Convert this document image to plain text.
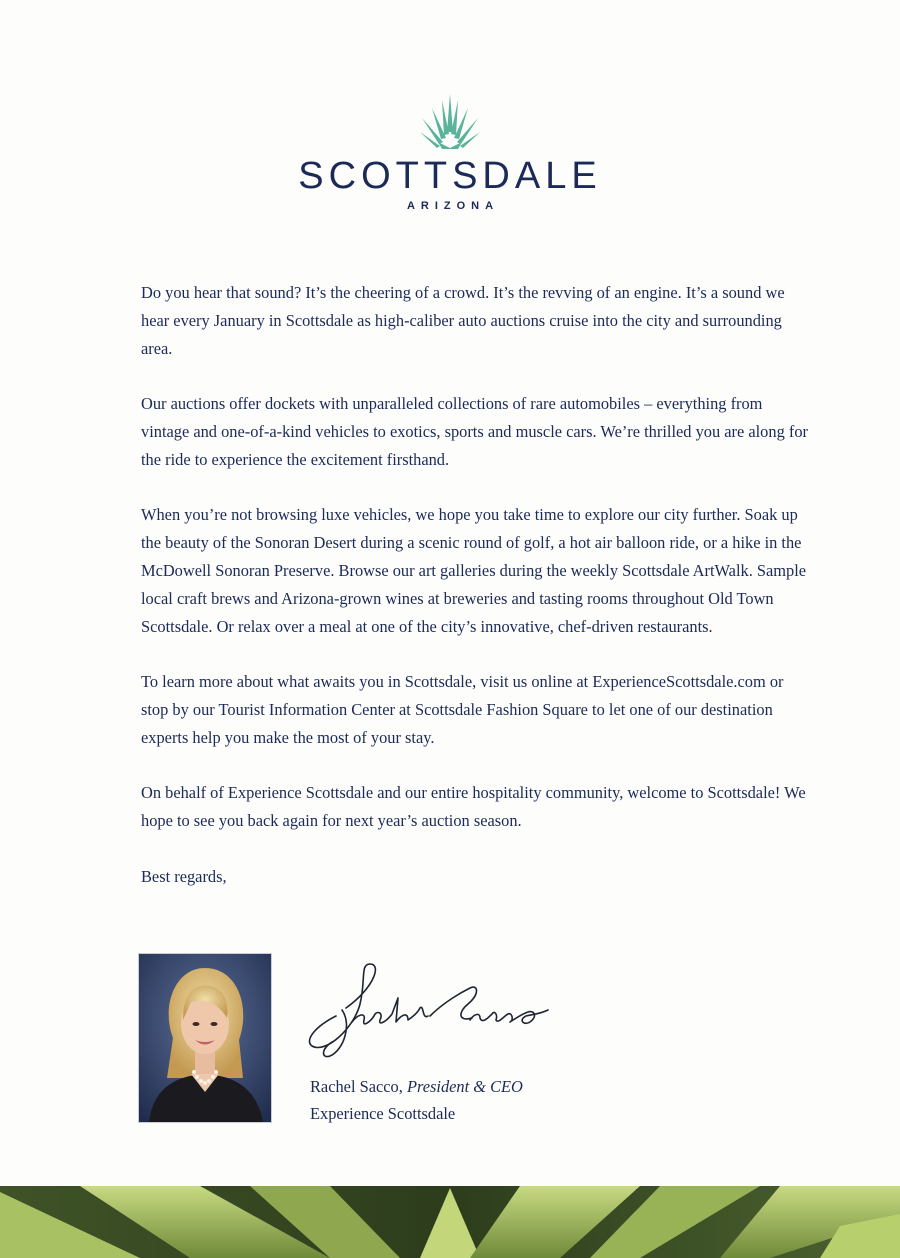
SCOTTSDALE
ARIZONA

Do you hear that sound? It’s the cheering of a crowd. It’s the revving of an engine. It’s a sound we hear every January in Scottsdale as high-caliber auto auctions cruise into the city and surrounding area.

Our auctions offer dockets with unparalleled collections of rare automobiles – everything from vintage and one-of-a-kind vehicles to exotics, sports and muscle cars. We’re thrilled you are along for the ride to experience the excitement firsthand.

When you’re not browsing luxe vehicles, we hope you take time to explore our city further. Soak up the beauty of the Sonoran Desert during a scenic round of golf, a hot air balloon ride, or a hike in the McDowell Sonoran Preserve. Browse our art galleries during the weekly Scottsdale ArtWalk. Sample local craft brews and Arizona-grown wines at breweries and tasting rooms throughout Old Town Scottsdale. Or relax over a meal at one of the city’s innovative, chef-driven restaurants.

To learn more about what awaits you in Scottsdale, visit us online at ExperienceScottsdale.com or stop by our Tourist Information Center at Scottsdale Fashion Square to let one of our destination experts help you make the most of your stay.

On behalf of Experience Scottsdale and our entire hospitality community, welcome to Scottsdale! We hope to see you back again for next year’s auction season.

Best regards,

Rachel Sacco, President & CEO
Experience Scottsdale
